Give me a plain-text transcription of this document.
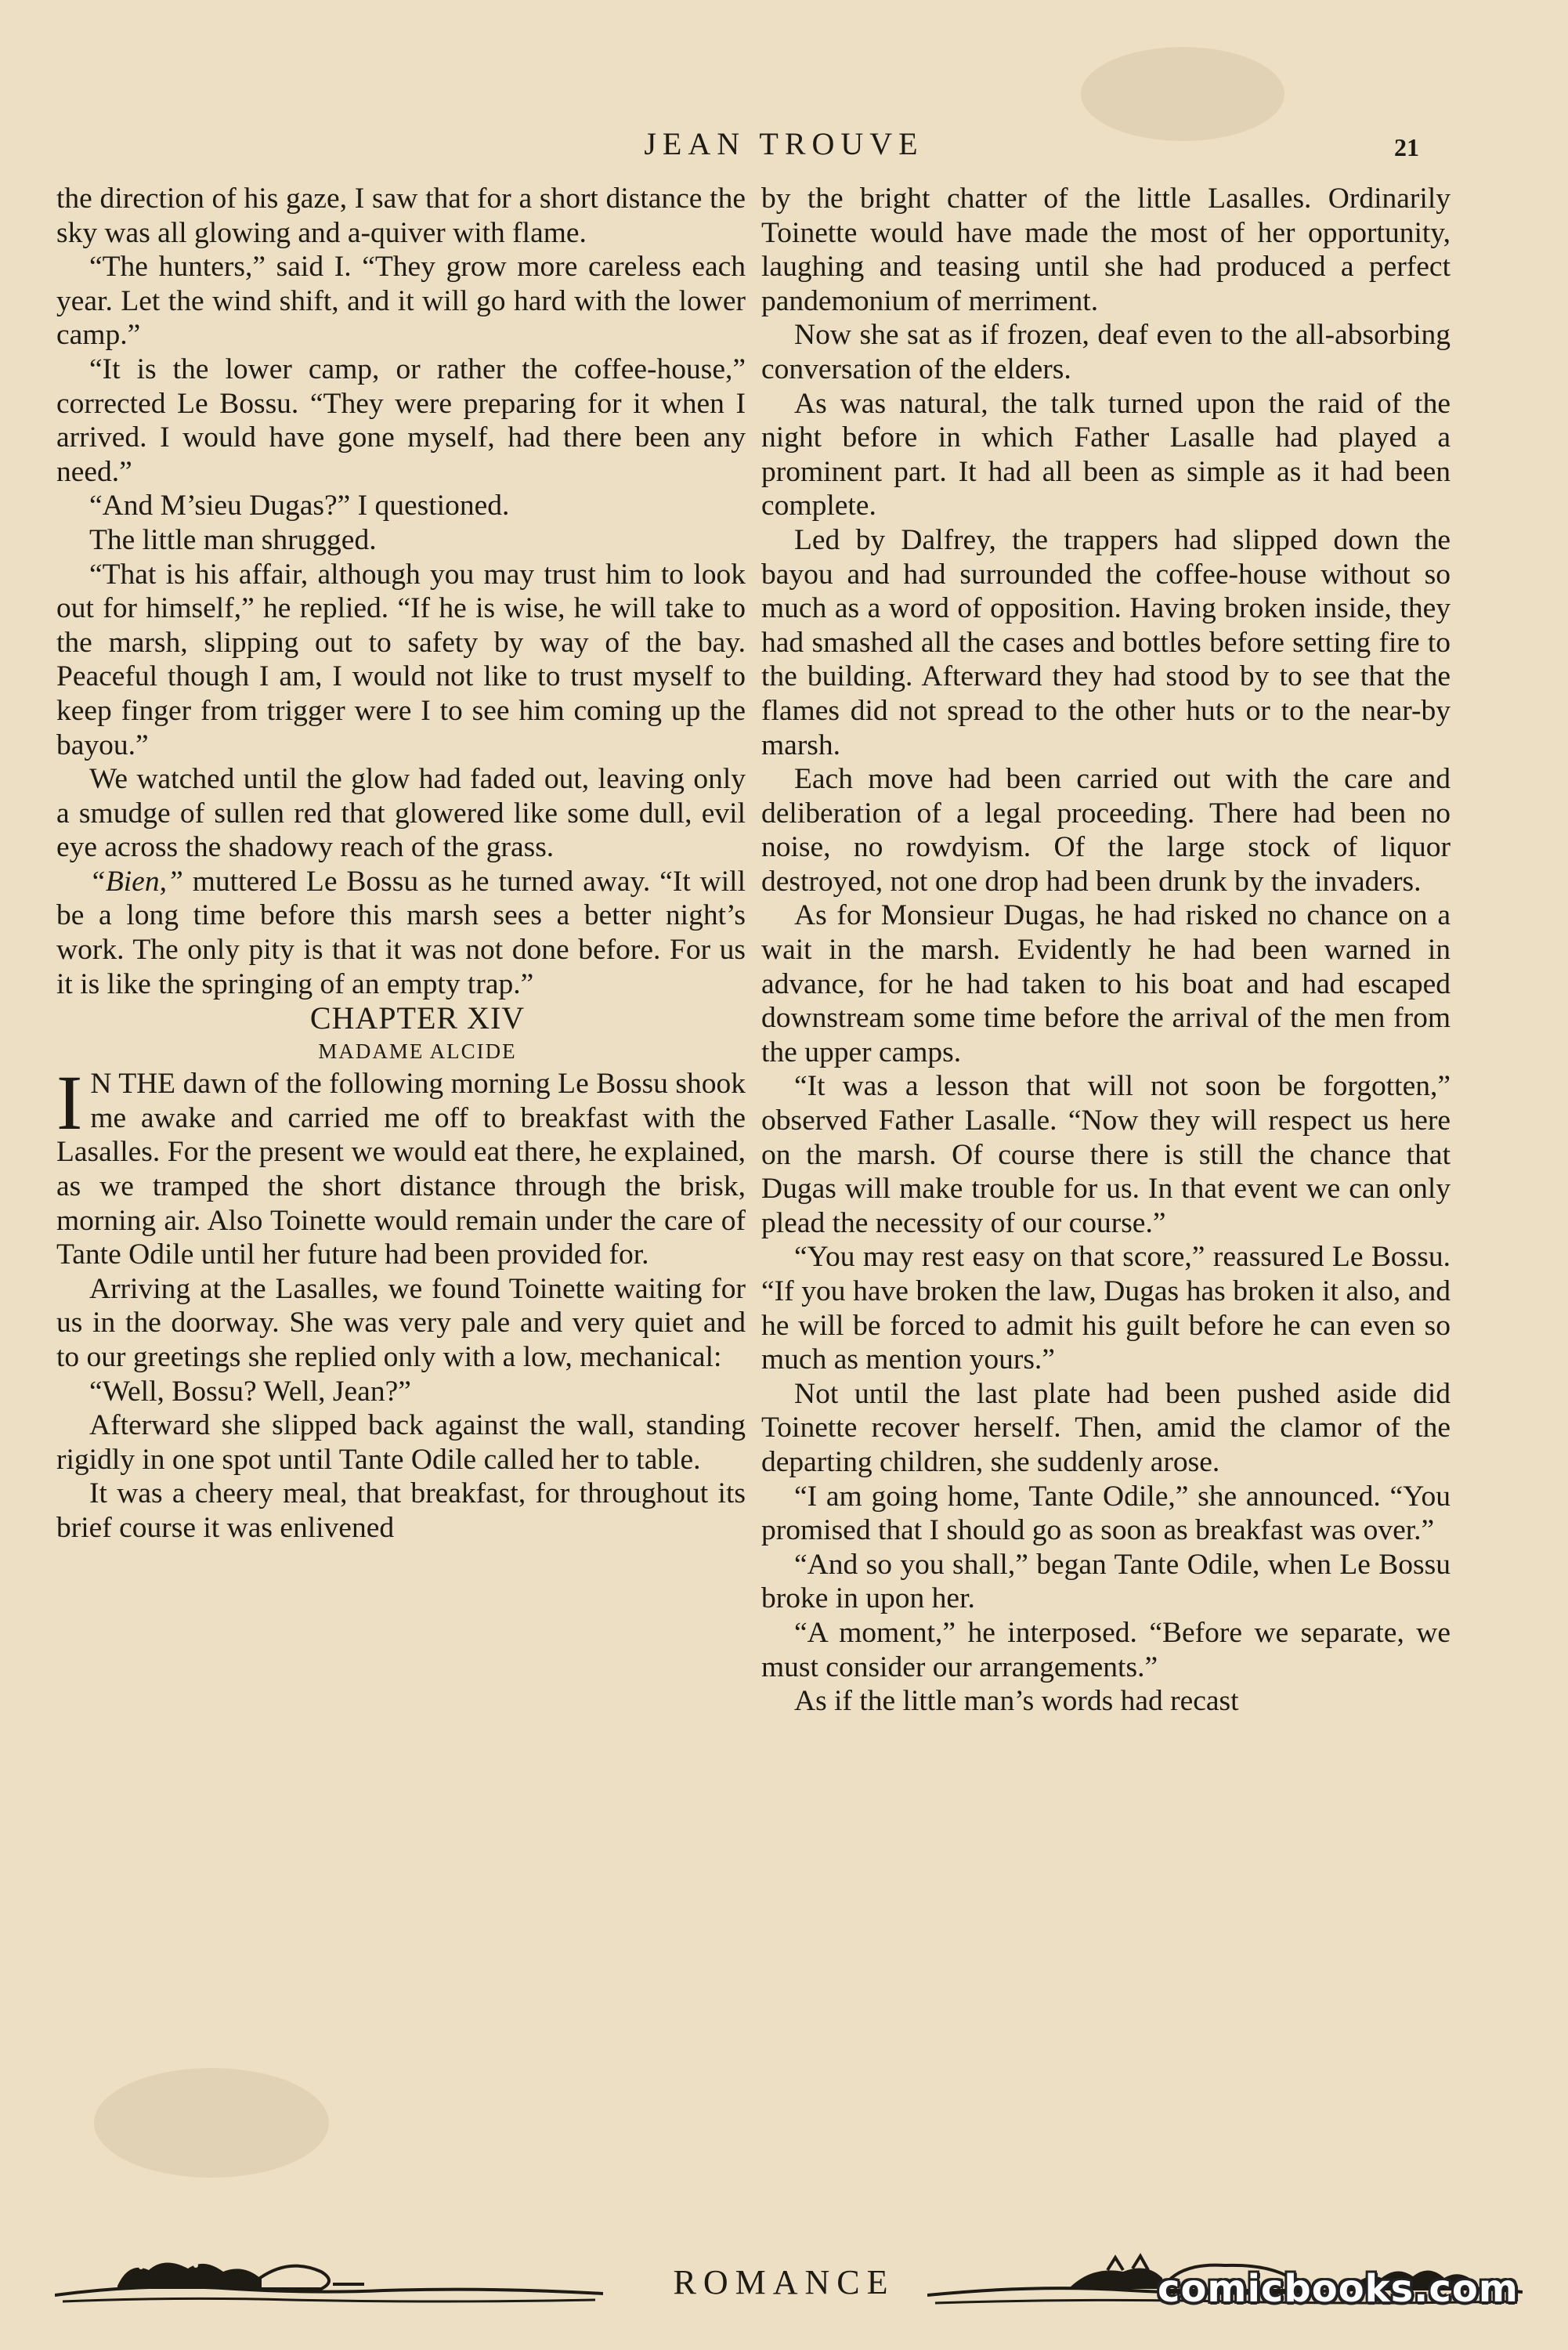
JEAN TROUVE	21

the direction of his gaze, I saw that for a short distance the sky was all glowing and a-quiver with flame.

“The hunters,” said I. “They grow more careless each year. Let the wind shift, and it will go hard with the lower camp.”

“It is the lower camp, or rather the coffee-house,” corrected Le Bossu. “They were preparing for it when I arrived. I would have gone myself, had there been any need.”

“And M’sieu Dugas?” I questioned.

The little man shrugged.

“That is his affair, although you may trust him to look out for himself,” he replied. “If he is wise, he will take to the marsh, slipping out to safety by way of the bay. Peaceful though I am, I would not like to trust myself to keep finger from trigger were I to see him coming up the bayou.”

We watched until the glow had faded out, leaving only a smudge of sullen red that glowered like some dull, evil eye across the shadowy reach of the grass.

“Bien,” muttered Le Bossu as he turned away. “It will be a long time before this marsh sees a better night’s work. The only pity is that it was not done before. For us it is like the springing of an empty trap.”

CHAPTER XIV

MADAME ALCIDE

I N THE dawn of the following morning Le Bossu shook me awake and carried me off to breakfast with the Lasalles. For the present we would eat there, he explained, as we tramped the short distance through the brisk, morning air. Also Toinette would remain under the care of Tante Odile until her future had been provided for.

Arriving at the Lasalles, we found Toinette waiting for us in the doorway. She was very pale and very quiet and to our greetings she replied only with a low, mechanical:

“Well, Bossu? Well, Jean?”

Afterward she slipped back against the wall, standing rigidly in one spot until Tante Odile called her to table.

It was a cheery meal, that breakfast, for throughout its brief course it was enlivened

by the bright chatter of the little Lasalles. Ordinarily Toinette would have made the most of her opportunity, laughing and teasing until she had produced a perfect pandemonium of merriment.

Now she sat as if frozen, deaf even to the all-absorbing conversation of the elders.

As was natural, the talk turned upon the raid of the night before in which Father Lasalle had played a prominent part. It had all been as simple as it had been complete.

Led by Dalfrey, the trappers had slipped down the bayou and had surrounded the coffee-house without so much as a word of opposition. Having broken inside, they had smashed all the cases and bottles before setting fire to the building. Afterward they had stood by to see that the flames did not spread to the other huts or to the near-by marsh.

Each move had been carried out with the care and deliberation of a legal proceeding. There had been no noise, no rowdyism. Of the large stock of liquor destroyed, not one drop had been drunk by the invaders.

As for Monsieur Dugas, he had risked no chance on a wait in the marsh. Evidently he had been warned in advance, for he had taken to his boat and had escaped downstream some time before the arrival of the men from the upper camps.

“It was a lesson that will not soon be forgotten,” observed Father Lasalle. “Now they will respect us here on the marsh. Of course there is still the chance that Dugas will make trouble for us. In that event we can only plead the necessity of our course.”

“You may rest easy on that score,” reassured Le Bossu. “If you have broken the law, Dugas has broken it also, and he will be forced to admit his guilt before he can even so much as mention yours.”

Not until the last plate had been pushed aside did Toinette recover herself. Then, amid the clamor of the departing children, she suddenly arose.

“I am going home, Tante Odile,” she announced. “You promised that I should go as soon as breakfast was over.”

“And so you shall,” began Tante Odile, when Le Bossu broke in upon her.

“A moment,” he interposed. “Before we separate, we must consider our arrangements.”

As if the little man’s words had recast

ROMANCE	comicbooks.com
